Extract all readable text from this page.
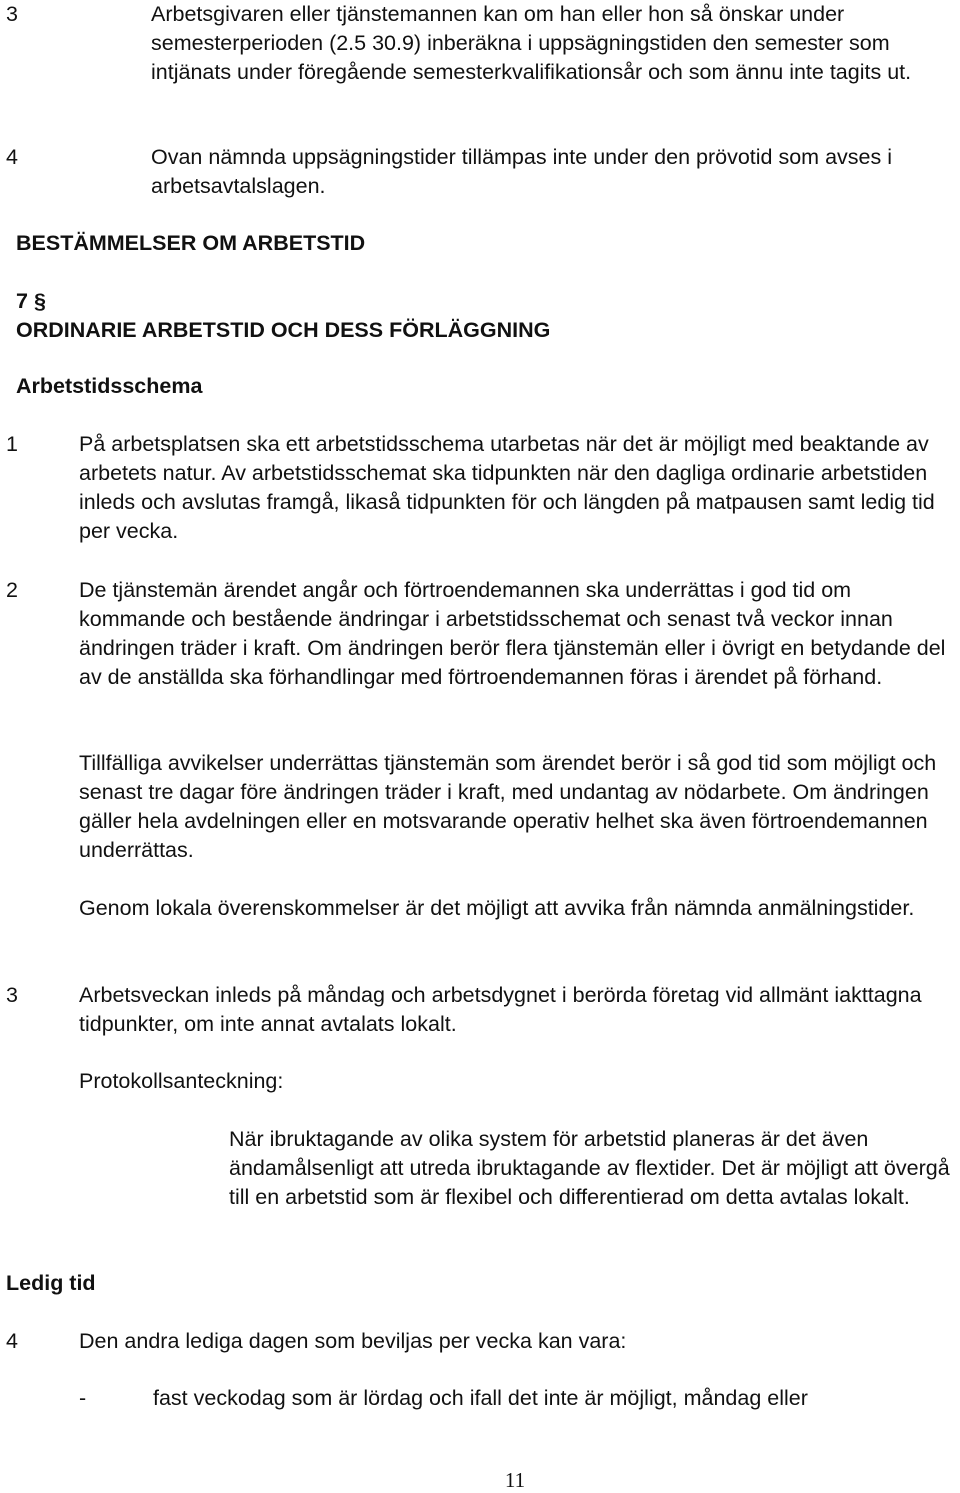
3	Arbetsgivaren eller tjänstemannen kan om han eller hon så önskar under semesterperioden (2.5 30.9) inberäkna i uppsägningstiden den semester som intjänats under föregående semesterkvalifikationsår och som ännu inte tagits ut.

4	Ovan nämnda uppsägningstider tillämpas inte under den prövotid som avses i arbetsavtalslagen.

BESTÄMMELSER OM ARBETSTID

7 §

ORDINARIE ARBETSTID OCH DESS FÖRLÄGGNING

Arbetstidsschema

1	På arbetsplatsen ska ett arbetstidsschema utarbetas när det är möjligt med beaktande av arbetets natur. Av arbetstidsschemat ska tidpunkten när den dagliga ordinarie arbetstiden inleds och avslutas framgå, likaså tidpunkten för och längden på matpausen samt ledig tid per vecka.

2	De tjänstemän ärendet angår och förtroendemannen ska underrättas i god tid om kommande och bestående ändringar i arbetstidsschemat och senast två veckor innan ändringen träder i kraft. Om ändringen berör flera tjänstemän eller i övrigt en betydande del av de anställda ska förhandlingar med förtroendemannen föras i ärendet på förhand.

Tillfälliga avvikelser underrättas tjänstemän som ärendet berör i så god tid som möjligt och senast tre dagar före ändringen träder i kraft, med undantag av nödarbete. Om ändringen gäller hela avdelningen eller en motsvarande operativ helhet ska även förtroendemannen underrättas.

Genom lokala överenskommelser är det möjligt att avvika från nämnda anmälningstider.

3	Arbetsveckan inleds på måndag och arbetsdygnet i berörda företag vid allmänt iakttagna tidpunkter, om inte annat avtalats lokalt.

Protokollsanteckning:

När ibruktagande av olika system för arbetstid planeras är det även ändamålsenligt att utreda ibruktagande av flextider. Det är möjligt att övergå till en arbetstid som är flexibel och differentierad om detta avtalas lokalt.

Ledig tid

4	Den andra lediga dagen som beviljas per vecka kan vara:

-	fast veckodag som är lördag och ifall det inte är möjligt, måndag eller

11
